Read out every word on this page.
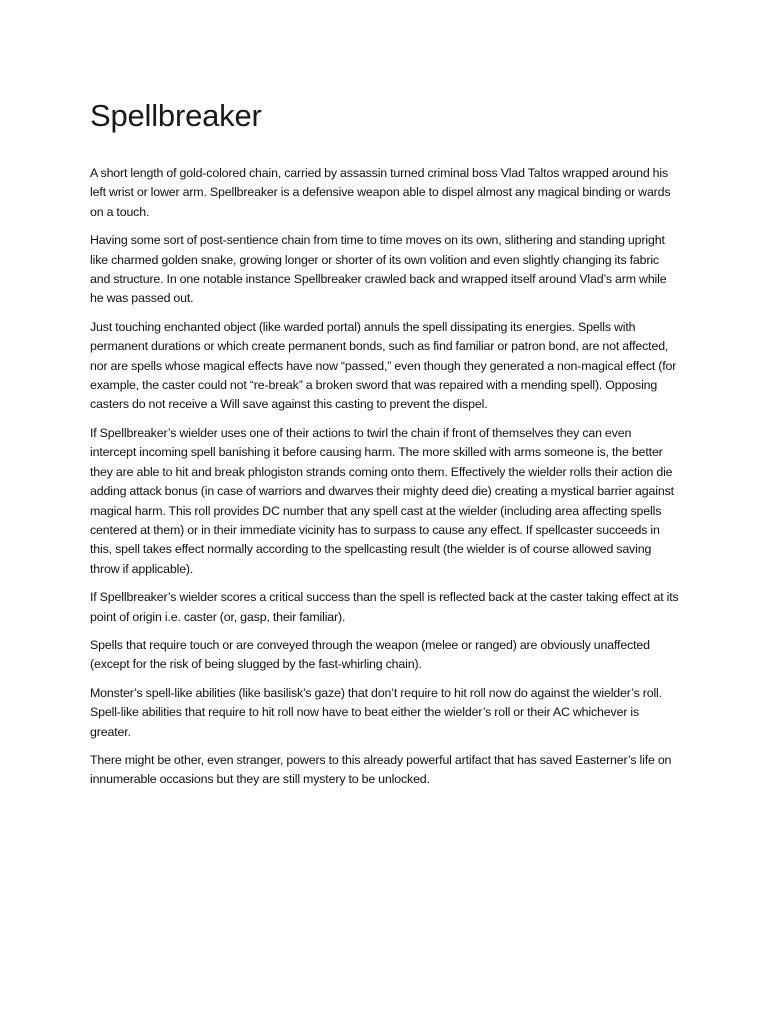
Spellbreaker

A short length of gold-colored chain, carried by assassin turned criminal boss Vlad Taltos wrapped around his left wrist or lower arm. Spellbreaker is a defensive weapon able to dispel almost any magical binding or wards on a touch.

Having some sort of post-sentience chain from time to time moves on its own, slithering and standing upright like charmed golden snake, growing longer or shorter of its own volition and even slightly changing its fabric and structure. In one notable instance Spellbreaker crawled back and wrapped itself around Vlad’s arm while he was passed out.

Just touching enchanted object (like warded portal) annuls the spell dissipating its energies. Spells with permanent durations or which create permanent bonds, such as find familiar or patron bond, are not affected, nor are spells whose magical effects have now “passed,” even though they generated a non-magical effect (for example, the caster could not “re-break” a broken sword that was repaired with a mending spell). Opposing casters do not receive a Will save against this casting to prevent the dispel.

If Spellbreaker’s wielder uses one of their actions to twirl the chain if front of themselves they can even intercept incoming spell banishing it before causing harm. The more skilled with arms someone is, the better they are able to hit and break phlogiston strands coming onto them. Effectively the wielder rolls their action die adding attack bonus (in case of warriors and dwarves their mighty deed die) creating a mystical barrier against magical harm. This roll provides DC number that any spell cast at the wielder (including area affecting spells centered at them) or in their immediate vicinity has to surpass to cause any effect. If spellcaster succeeds in this, spell takes effect normally according to the spellcasting result (the wielder is of course allowed saving throw if applicable).

If Spellbreaker’s wielder scores a critical success than the spell is reflected back at the caster taking effect at its point of origin i.e. caster (or, gasp, their familiar).

Spells that require touch or are conveyed through the weapon (melee or ranged) are obviously unaffected (except for the risk of being slugged by the fast-whirling chain).

Monster’s spell-like abilities (like basilisk’s gaze) that don’t require to hit roll now do against the wielder’s roll. Spell-like abilities that require to hit roll now have to beat either the wielder’s roll or their AC whichever is greater.

There might be other, even stranger, powers to this already powerful artifact that has saved Easterner’s life on innumerable occasions but they are still mystery to be unlocked.
